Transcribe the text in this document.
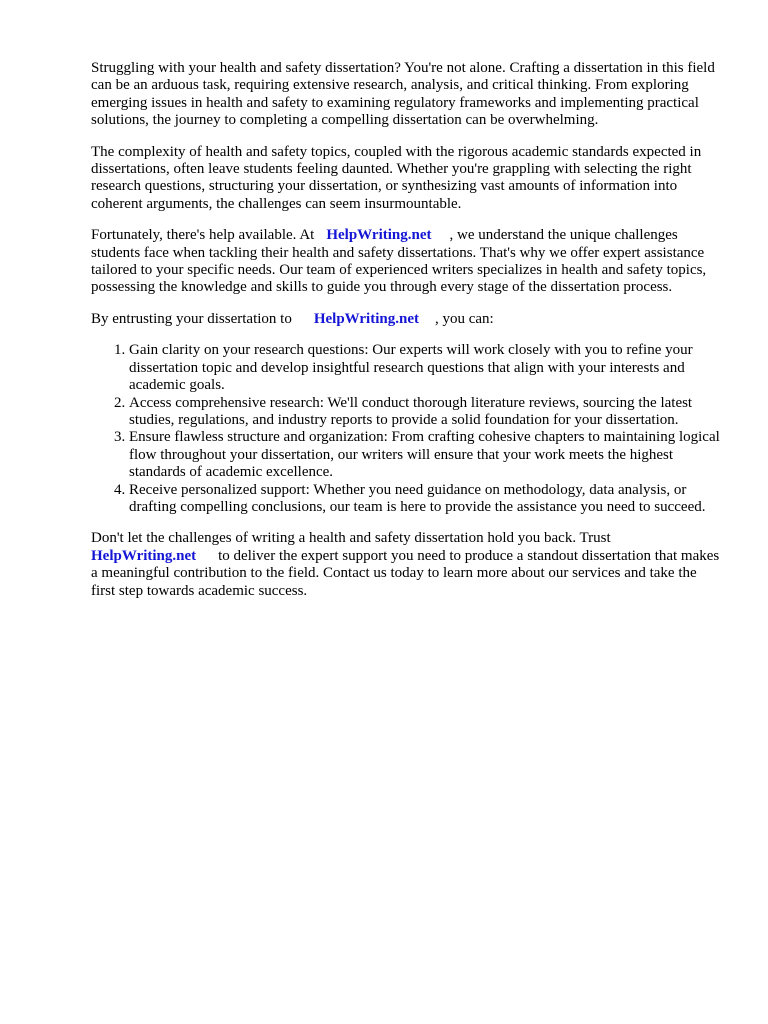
Struggling with your health and safety dissertation? You're not alone. Crafting a dissertation in this field can be an arduous task, requiring extensive research, analysis, and critical thinking. From exploring emerging issues in health and safety to examining regulatory frameworks and implementing practical solutions, the journey to completing a compelling dissertation can be overwhelming.

The complexity of health and safety topics, coupled with the rigorous academic standards expected in dissertations, often leave students feeling daunted. Whether you're grappling with selecting the right research questions, structuring your dissertation, or synthesizing vast amounts of information into coherent arguments, the challenges can seem insurmountable.

Fortunately, there's help available. At HelpWriting.net , we understand the unique challenges students face when tackling their health and safety dissertations. That's why we offer expert assistance tailored to your specific needs. Our team of experienced writers specializes in health and safety topics, possessing the knowledge and skills to guide you through every stage of the dissertation process.

By entrusting your dissertation to HelpWriting.net , you can:

1. Gain clarity on your research questions: Our experts will work closely with you to refine your dissertation topic and develop insightful research questions that align with your interests and academic goals.
2. Access comprehensive research: We'll conduct thorough literature reviews, sourcing the latest studies, regulations, and industry reports to provide a solid foundation for your dissertation.
3. Ensure flawless structure and organization: From crafting cohesive chapters to maintaining logical flow throughout your dissertation, our writers will ensure that your work meets the highest standards of academic excellence.
4. Receive personalized support: Whether you need guidance on methodology, data analysis, or drafting compelling conclusions, our team is here to provide the assistance you need to succeed.

Don't let the challenges of writing a health and safety dissertation hold you back. Trust HelpWriting.net to deliver the expert support you need to produce a standout dissertation that makes a meaningful contribution to the field. Contact us today to learn more about our services and take the first step towards academic success.
